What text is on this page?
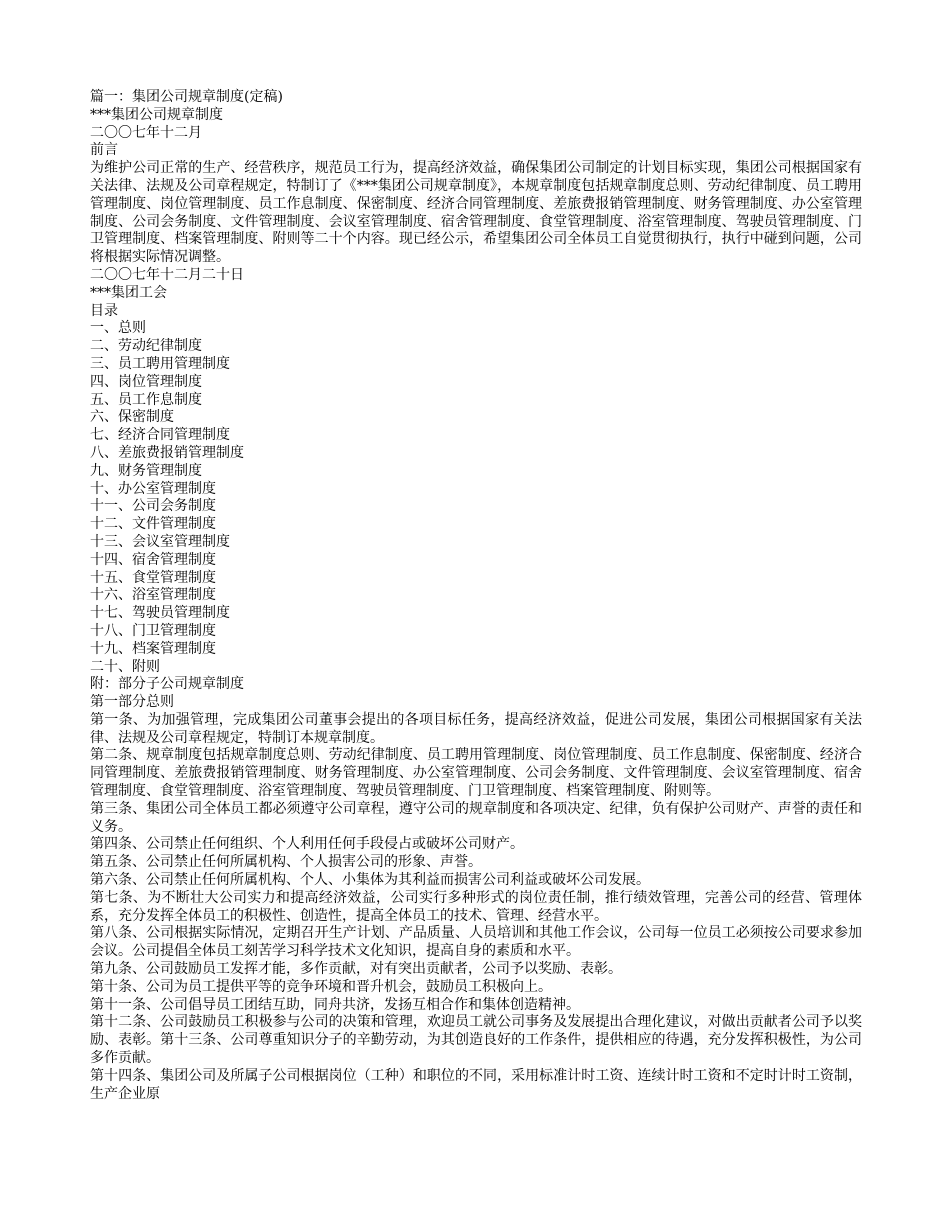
篇一：集团公司规章制度(定稿)

***集团公司规章制度

二〇〇七年十二月

前言

为维护公司正常的生产、经营秩序，规范员工行为，提高经济效益，确保集团公司制定的计划目标实现，集团公司根据国家有关法律、法规及公司章程规定，特制订了《***集团公司规章制度》，本规章制度包括规章制度总则、劳动纪律制度、员工聘用管理制度、岗位管理制度、员工作息制度、保密制度、经济合同管理制度、差旅费报销管理制度、财务管理制度、办公室管理制度、公司会务制度、文件管理制度、会议室管理制度、宿舍管理制度、食堂管理制度、浴室管理制度、驾驶员管理制度、门卫管理制度、档案管理制度、附则等二十个内容。现已经公示，希望集团公司全体员工自觉贯彻执行，执行中碰到问题，公司将根据实际情况调整。

二〇〇七年十二月二十日

***集团工会

目录

一、总则

二、劳动纪律制度

三、员工聘用管理制度

四、岗位管理制度

五、员工作息制度

六、保密制度

七、经济合同管理制度

八、差旅费报销管理制度

九、财务管理制度

十、办公室管理制度

十一、公司会务制度

十二、文件管理制度

十三、会议室管理制度

十四、宿舍管理制度

十五、食堂管理制度

十六、浴室管理制度

十七、驾驶员管理制度

十八、门卫管理制度

十九、档案管理制度

二十、附则

附：部分子公司规章制度

第一部分总则

第一条、为加强管理，完成集团公司董事会提出的各项目标任务，提高经济效益，促进公司发展，集团公司根据国家有关法律、法规及公司章程规定，特制订本规章制度。

第二条、规章制度包括规章制度总则、劳动纪律制度、员工聘用管理制度、岗位管理制度、员工作息制度、保密制度、经济合同管理制度、差旅费报销管理制度、财务管理制度、办公室管理制度、公司会务制度、文件管理制度、会议室管理制度、宿舍管理制度、食堂管理制度、浴室管理制度、驾驶员管理制度、门卫管理制度、档案管理制度、附则等。

第三条、集团公司全体员工都必须遵守公司章程，遵守公司的规章制度和各项决定、纪律，负有保护公司财产、声誉的责任和义务。

第四条、公司禁止任何组织、个人利用任何手段侵占或破坏公司财产。

第五条、公司禁止任何所属机构、个人损害公司的形象、声誉。

第六条、公司禁止任何所属机构、个人、小集体为其利益而损害公司利益或破坏公司发展。

第七条、为不断壮大公司实力和提高经济效益，公司实行多种形式的岗位责任制，推行绩效管理，完善公司的经营、管理体系，充分发挥全体员工的积极性、创造性，提高全体员工的技术、管理、经营水平。

第八条、公司根据实际情况，定期召开生产计划、产品质量、人员培训和其他工作会议，公司每一位员工必须按公司要求参加会议。公司提倡全体员工刻苦学习科学技术文化知识，提高自身的素质和水平。

第九条、公司鼓励员工发挥才能，多作贡献，对有突出贡献者，公司予以奖励、表彰。

第十条、公司为员工提供平等的竞争环境和晋升机会，鼓励员工积极向上。

第十一条、公司倡导员工团结互助，同舟共济，发扬互相合作和集体创造精神。

第十二条、公司鼓励员工积极参与公司的决策和管理，欢迎员工就公司事务及发展提出合理化建议，对做出贡献者公司予以奖励、表彰。第十三条、公司尊重知识分子的辛勤劳动，为其创造良好的工作条件，提供相应的待遇，充分发挥积极性，为公司多作贡献。

第十四条、集团公司及所属子公司根据岗位（工种）和职位的不同，采用标准计时工资、连续计时工资和不定时计时工资制，生产企业原
